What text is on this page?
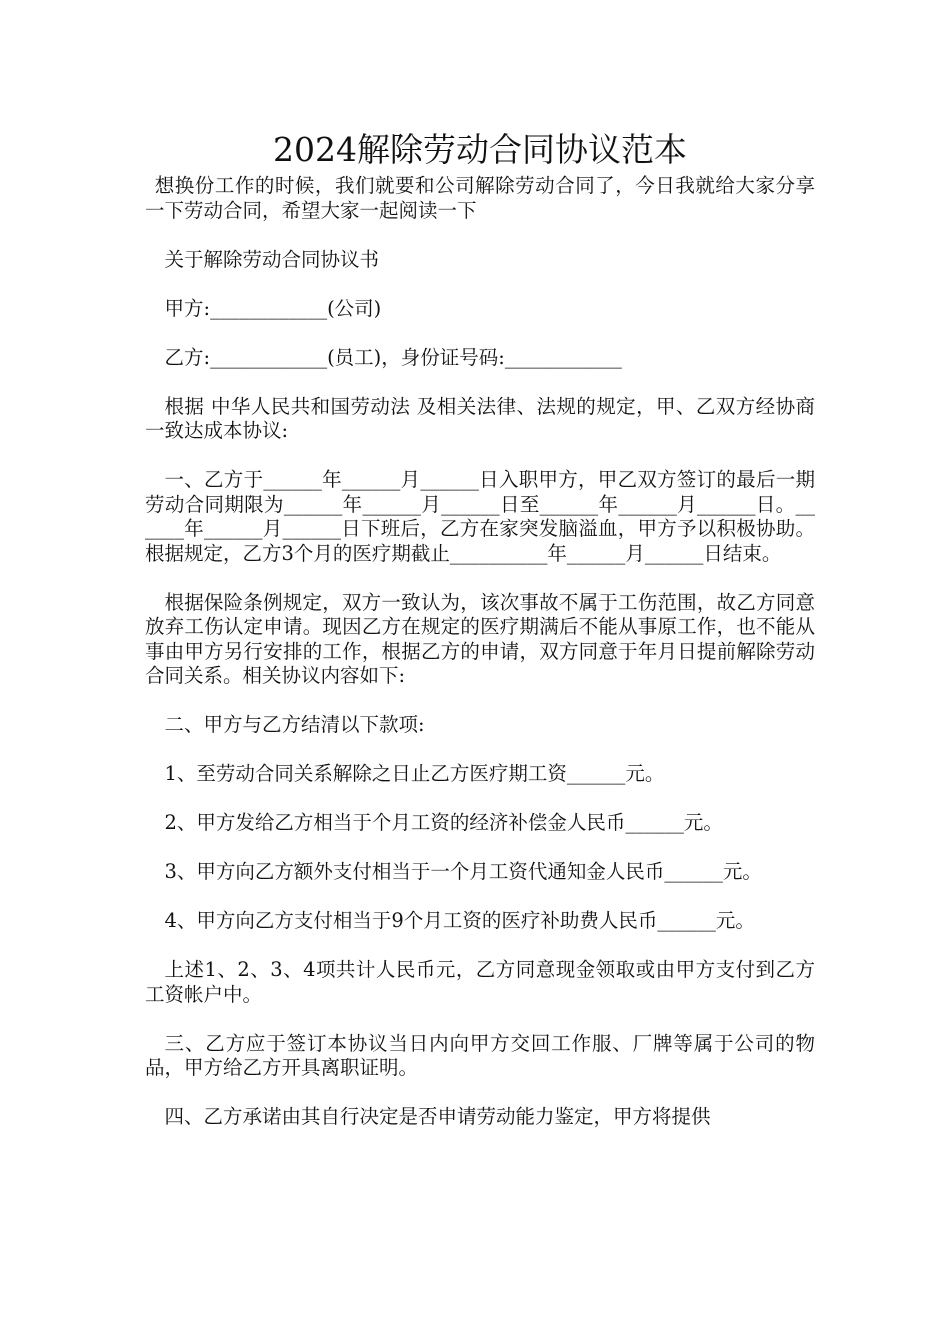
2024解除劳动合同协议范本

想换份工作的时候，我们就要和公司解除劳动合同了，今日我就给大家分享一下劳动合同，希望大家一起阅读一下

关于解除劳动合同协议书

甲方:____________(公司)

乙方:____________(员工)，身份证号码:____________

根据 中华人民共和国劳动法 及相关法律、法规的规定，甲、乙双方经协商一致达成本协议:

一、乙方于______年______月______日入职甲方，甲乙双方签订的最后一期劳动合同期限为______年______月______日至______年______月______日。______年______月______日下班后，乙方在家突发脑溢血，甲方予以积极协助。根据规定，乙方3个月的医疗期截止__________年______月______日结束。

根据保险条例规定，双方一致认为，该次事故不属于工伤范围，故乙方同意放弃工伤认定申请。现因乙方在规定的医疗期满后不能从事原工作，也不能从事由甲方另行安排的工作，根据乙方的申请，双方同意于年月日提前解除劳动合同关系。相关协议内容如下:

二、甲方与乙方结清以下款项:

1、至劳动合同关系解除之日止乙方医疗期工资______元。

2、甲方发给乙方相当于个月工资的经济补偿金人民币______元。

3、甲方向乙方额外支付相当于一个月工资代通知金人民币______元。

4、甲方向乙方支付相当于9个月工资的医疗补助费人民币______元。

上述1、2、3、4项共计人民币元，乙方同意现金领取或由甲方支付到乙方工资帐户中。

三、乙方应于签订本协议当日内向甲方交回工作服、厂牌等属于公司的物品，甲方给乙方开具离职证明。

四、乙方承诺由其自行决定是否申请劳动能力鉴定，甲方将提供
